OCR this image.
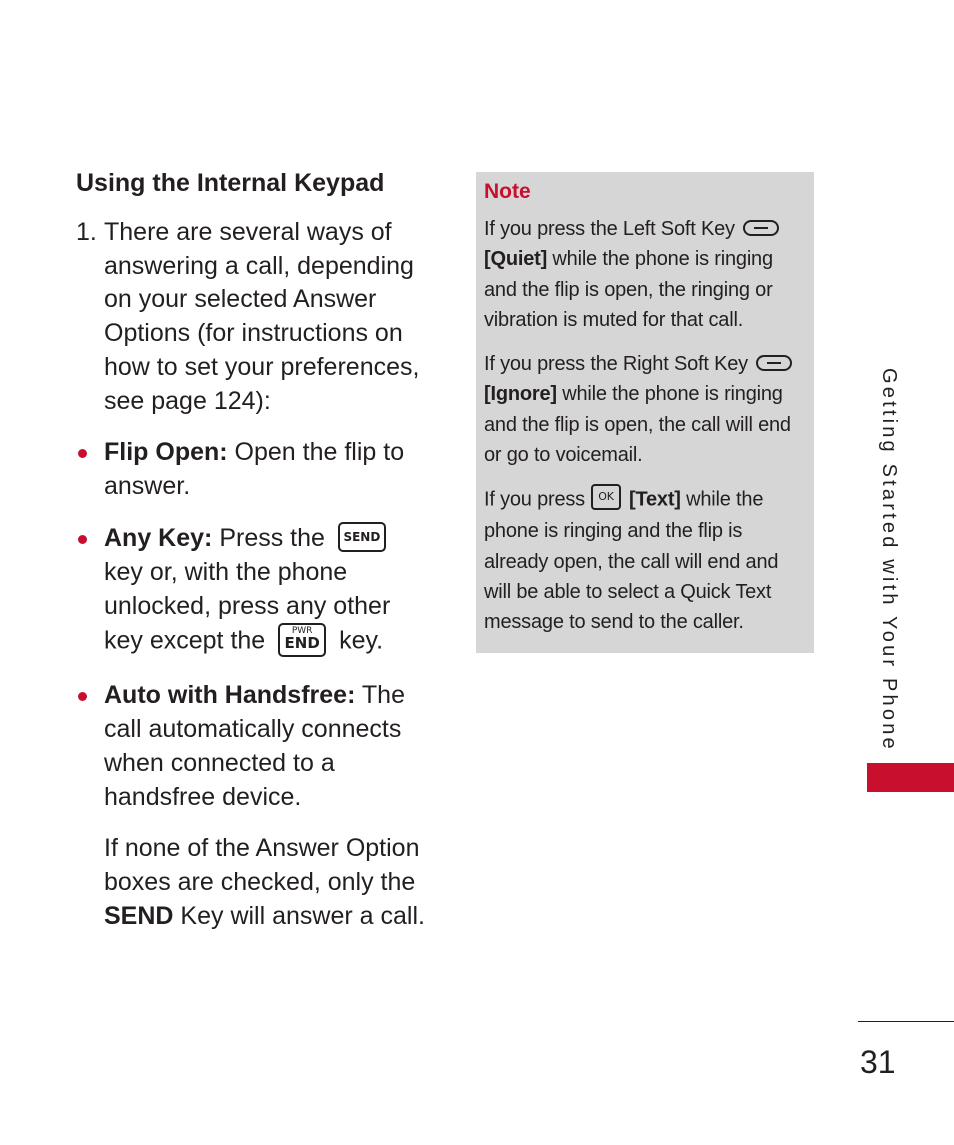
Using the Internal Keypad
1. There are several ways of answering a call, depending on your selected Answer Options (for instructions on how to set your preferences, see page 124):
Flip Open: Open the flip to answer.
Any Key: Press the SEND key or, with the phone unlocked, press any other key except the	PWR
END key.
Auto with Handsfree: The call automatically connects when connected to a handsfree device.
If none of the Answer Option boxes are checked, only the SEND Key will answer a call.
Note
If you press the Left Soft Key
[Quiet] while the phone is ringing and the flip is open, the ringing or vibration is muted for that call.
If you press the Right Soft Key
[Ignore] while the phone is ringing and the flip is open, the call will end or go to voicemail.
If you press OK [Text] while the phone is ringing and the flip is already open, the call will end and will be able to select a Quick Text message to send to the caller.	Getting Started with Your Phone
31
